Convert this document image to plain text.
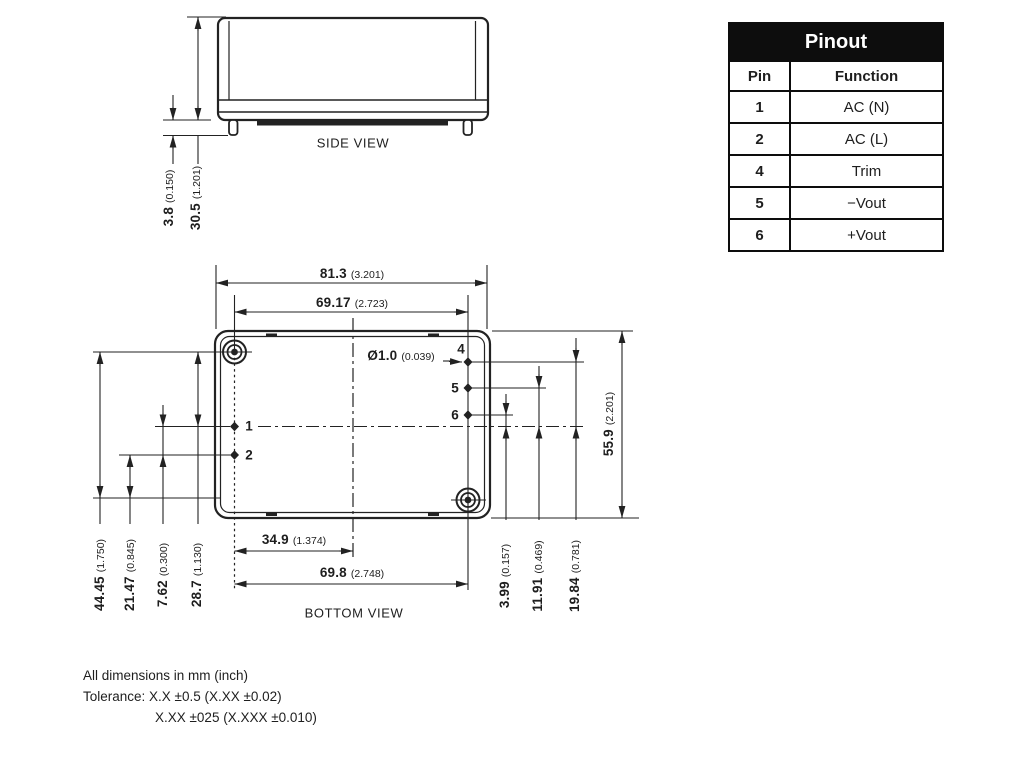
3.8(0.150)
30.5(1.201)
SIDE VIEW
81.3 (3.201)
69.17 (2.723)
Ø1.0 (0.039)
34.9 (1.374)
69.8 (2.748)
BOTTOM VIEW
44.45(1.750)
21.47(0.845)
7.62(0.300)
28.7(1.130)
3.99(0.157)
11.91(0.469)
19.84(0.781)
55.9(2.201)
1
2
4
5
6
Pinout
Pin	Function
1	AC (N)
2	AC (L)
4	Trim
5	−Vout
6	+Vout
All dimensions in mm (inch)
Tolerance: X.X ±0.5 (X.XX ±0.02)
X.XX ±025 (X.XXX ±0.010)
